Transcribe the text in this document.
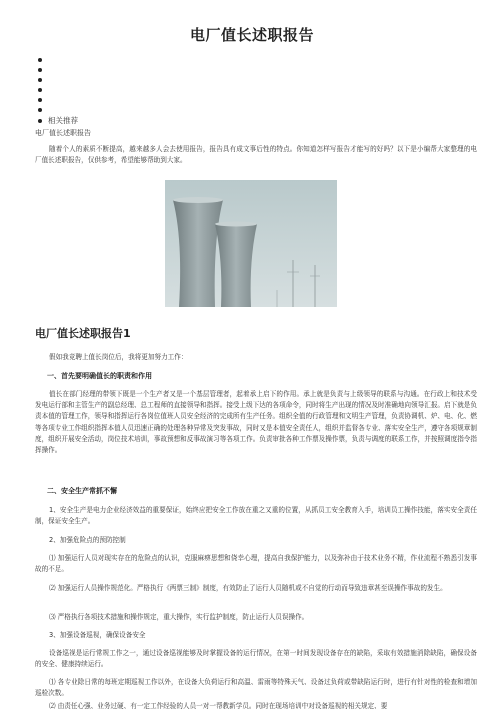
电厂值长述职报告
相关推荐
电厂值长述职报告
随着个人的素质不断提高，越来越多人会去使用报告，报告具有成文事后性的特点。你知道怎样写报告才能写的好吗？以下是小编帮大家整理的电厂值长述职报告，仅供参考，希望能够帮助到大家。
电厂值长述职报告1
假如我竞聘上值长岗位后，我将更加努力工作：
一、首先要明确值长的职责和作用
值长在部门经理的带领下既是一个生产者又是一个基层管理者，起着承上启下的作用。承上就是负责与上级领导的联系与沟通。在行政上和技术受发电运行部和主管生产的副总经理、总工程师的直接领导和指挥。接受上级下达的各项命令，同时将生产出现的情况及时准确地向领导汇报。启下就是负责本值的管理工作，领导和指挥运行各岗位值班人员安全经济的完成所有生产任务。组织全值的行政管理和文明生产管理，负责协调机、炉、电、化、燃等各项专业工作组织指挥本值人员迅速正确的处理各种异常及突发事故，同时又是本值安全责任人，组织并监督各专业、落实安全生产，遵守各项规章制度，组织开展安全活动，岗位技术培训，事故预想和反事故演习等各项工作。负责审批各种工作票及操作票，负责与调度的联系工作，并按照调度指令指挥操作。
二、安全生产常抓不懈
1、安全生产是电力企业经济效益的重要保证，始终应把安全工作放在重之又重的位置，从抓员工安全教育入手，培训员工操作技能，落实安全责任制，保证安全生产。
2、加强危险点的预防控制
⑴ 加强运行人员对现实存在的危险点的认识，克服麻痹思想和侥幸心理，提高自我保护能力，以及弥补由于技术业务不精，作业流程不熟悉引发事故的不足。
⑵ 加强运行人员操作规范化。严格执行《两票三制》制度，有效防止了运行人员随机或不自觉的行动而导致违章甚至误操作事故的发生。
⑶ 严格执行各项技术措施和操作规定，重大操作，实行监护制度，防止运行人员误操作。
3、加强设备巡视，确保设备安全
设备巡视是运行常规工作之一，通过设备巡视能够及时掌握设备的运行情况，在第一时间发现设备存在的缺陷，采取有效措施消除缺陷，确保设备的安全、健康持续运行。
⑴ 各专业除日常的每班定期巡视工作以外，在设备大负荷运行和高温、雷雨等特殊天气、设备过负荷或带缺陷运行时，进行有针对性的检查和增加巡检次数。
⑵ 由责任心强、业务过硬、有一定工作经验的人员一对一帮教新学员。同时在现场培训中对设备巡视的相关规定、要
